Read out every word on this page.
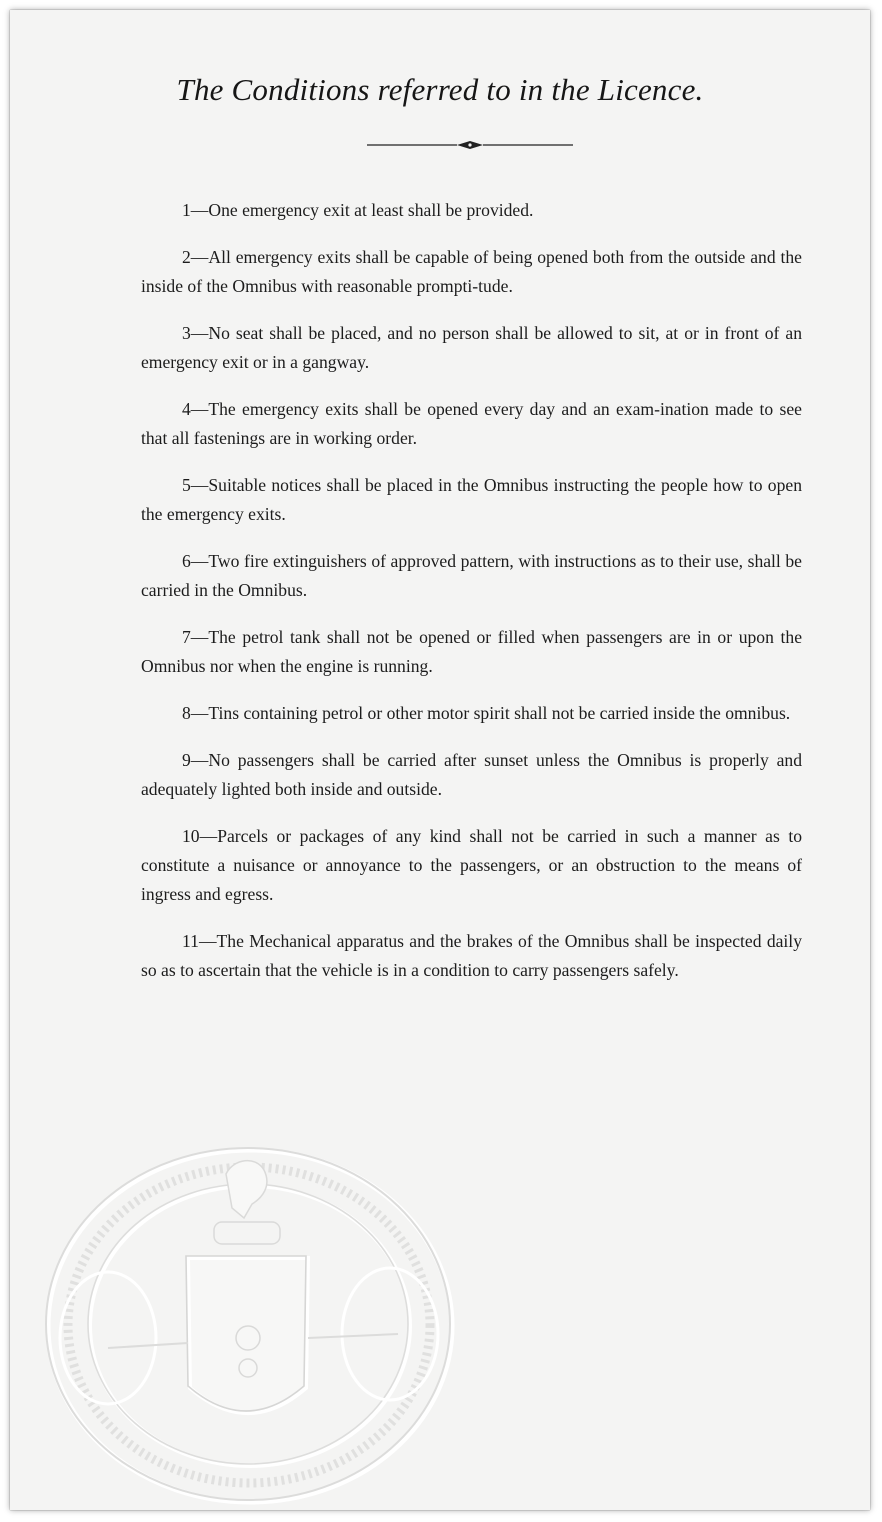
The Conditions referred to in the Licence.

1—One emergency exit at least shall be provided.

2—All emergency exits shall be capable of being opened both from the outside and the inside of the Omnibus with reasonable prompti-tude.

3—No seat shall be placed, and no person shall be allowed to sit, at or in front of an emergency exit or in a gangway.

4—The emergency exits shall be opened every day and an exam-ination made to see that all fastenings are in working order.

5—Suitable notices shall be placed in the Omnibus instructing the people how to open the emergency exits.

6—Two fire extinguishers of approved pattern, with instructions as to their use, shall be carried in the Omnibus.

7—The petrol tank shall not be opened or filled when passengers are in or upon the Omnibus nor when the engine is running.

8—Tins containing petrol or other motor spirit shall not be carried inside the omnibus.

9—No passengers shall be carried after sunset unless the Omnibus is properly and adequately lighted both inside and outside.

10—Parcels or packages of any kind shall not be carried in such a manner as to constitute a nuisance or annoyance to the passengers, or an obstruction to the means of ingress and egress.

11—The Mechanical apparatus and the brakes of the Omnibus shall be inspected daily so as to ascertain that the vehicle is in a condition to carry passengers safely.
